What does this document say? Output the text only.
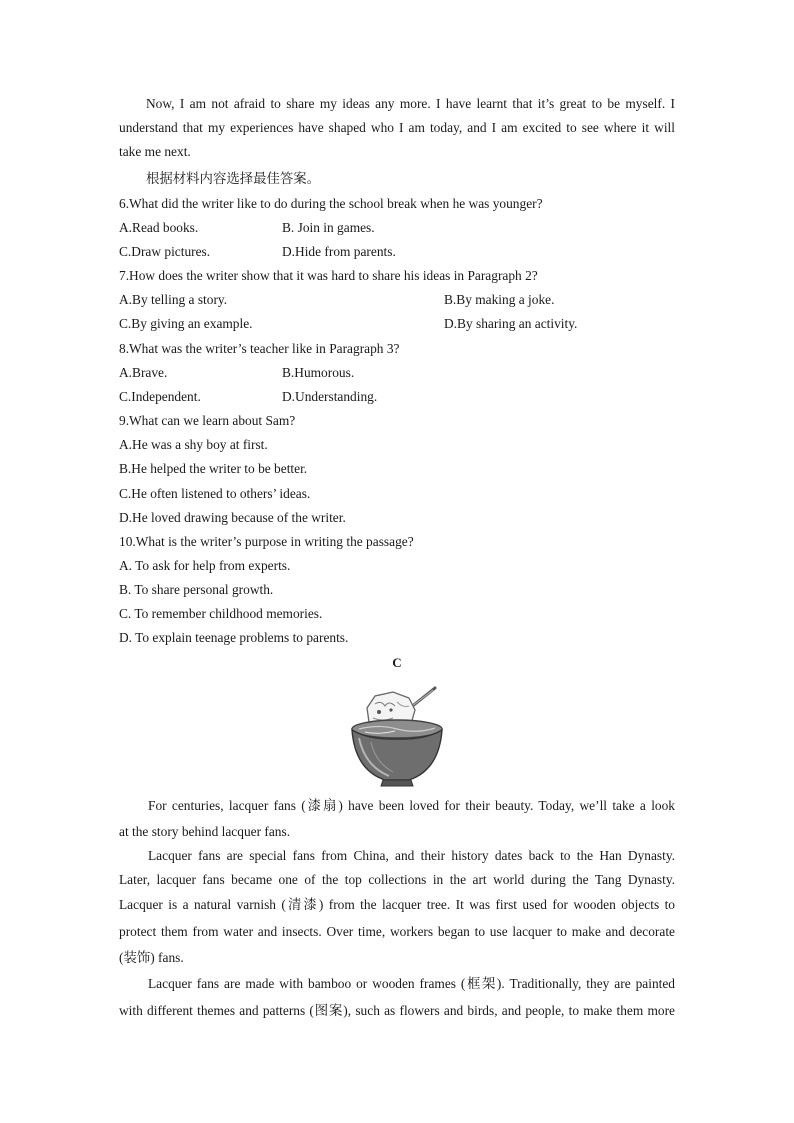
Now, I am not afraid to share my ideas any more. I have learnt that it’s great to be myself. I
understand that my experiences have shaped who I am today, and I am excited to see where it will
take me next.
根据材料内容选择最佳答案。
6.What did the writer like to do during the school break when he was younger?
A.Read books.	B. Join in games.
C.Draw pictures.	D.Hide from parents.
7.How does the writer show that it was hard to share his ideas in Paragraph 2?
A.By telling a story.	B.By making a joke.
C.By giving an example.	D.By sharing an activity.
8.What was the writer’s teacher like in Paragraph 3?
A.Brave.	B.Humorous.
C.Independent.	D.Understanding.
9.What can we learn about Sam?
A.He was a shy boy at first.
B.He helped the writer to be better.
C.He often listened to others’ ideas.
D.He loved drawing because of the writer.
10.What is the writer’s purpose in writing the passage?
A. To ask for help from experts.
B. To share personal growth.
C. To remember childhood memories.
D. To explain teenage problems to parents.
C
For centuries, lacquer fans (漆扇) have been loved for their beauty. Today, we’ll take a look
at the story behind lacquer fans.
Lacquer fans are special fans from China, and their history dates back to the Han Dynasty.
Later, lacquer fans became one of the top collections in the art world during the Tang Dynasty.
Lacquer is a natural varnish (清漆) from the lacquer tree. It was first used for wooden objects to
protect them from water and insects. Over time, workers began to use lacquer to make and decorate
(装饰) fans.
Lacquer fans are made with bamboo or wooden frames (框架). Traditionally, they are painted
with different themes and patterns (图案), such as flowers and birds, and people, to make them more
